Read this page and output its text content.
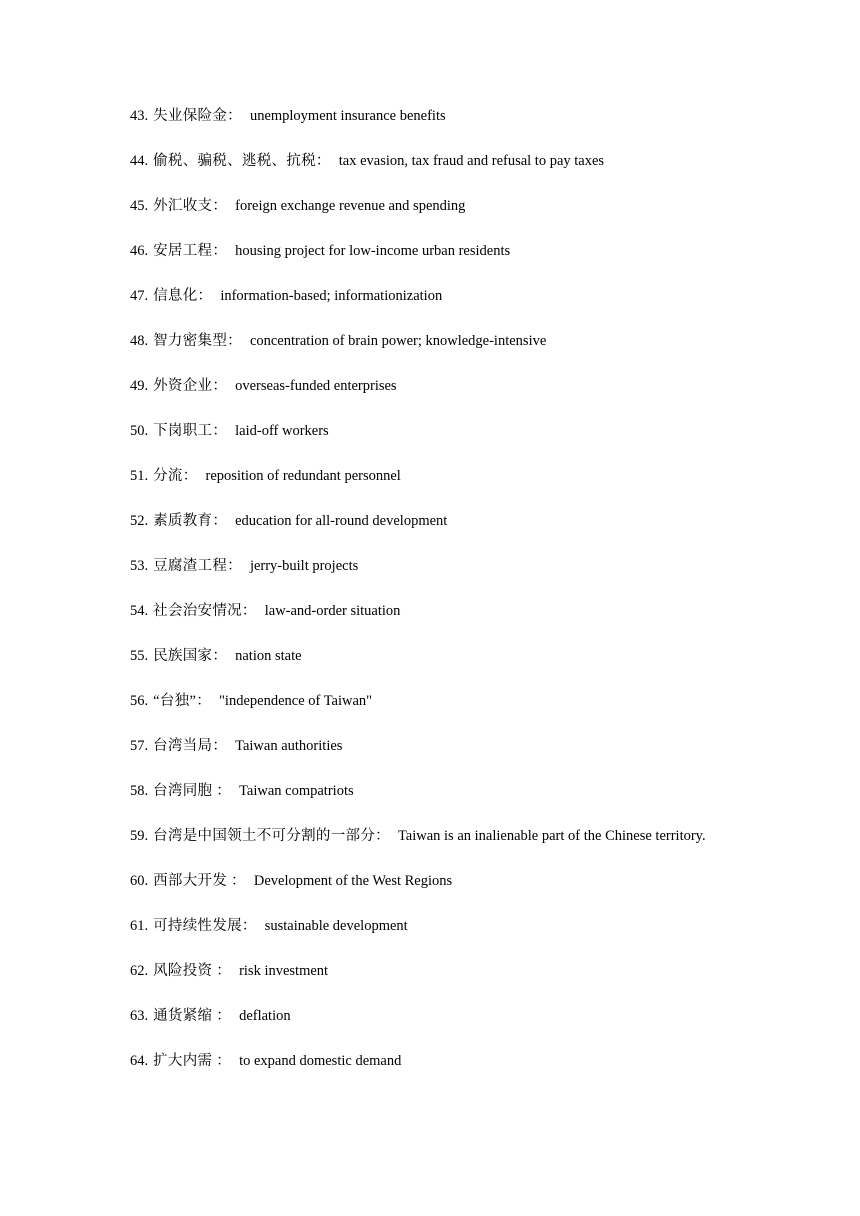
43. 失业保险金： unemployment insurance benefits
44. 偷税、骗税、逃税、抗税： tax evasion, tax fraud and refusal to pay taxes
45. 外汇收支： foreign exchange revenue and spending
46. 安居工程： housing project for low-income urban residents
47. 信息化： information-based; informationization
48. 智力密集型： concentration of brain power; knowledge-intensive
49. 外资企业： overseas-funded enterprises
50. 下岗职工： laid-off workers
51. 分流： reposition of redundant personnel
52. 素质教育： education for all-round development
53. 豆腐渣工程： jerry-built projects
54. 社会治安情况： law-and-order situation
55. 民族国家： nation state
56. “台独”： "independence of Taiwan"
57. 台湾当局： Taiwan authorities
58. 台湾同胞 ： Taiwan compatriots
59. 台湾是中国领土不可分割的一部分： Taiwan is an inalienable part of the Chinese territory.
60. 西部大开发 ： Development of the West Regions
61. 可持续性发展： sustainable development
62. 风险投资 ： risk investment
63. 通货紧缩 ： deflation
64. 扩大内需 ： to expand domestic demand
